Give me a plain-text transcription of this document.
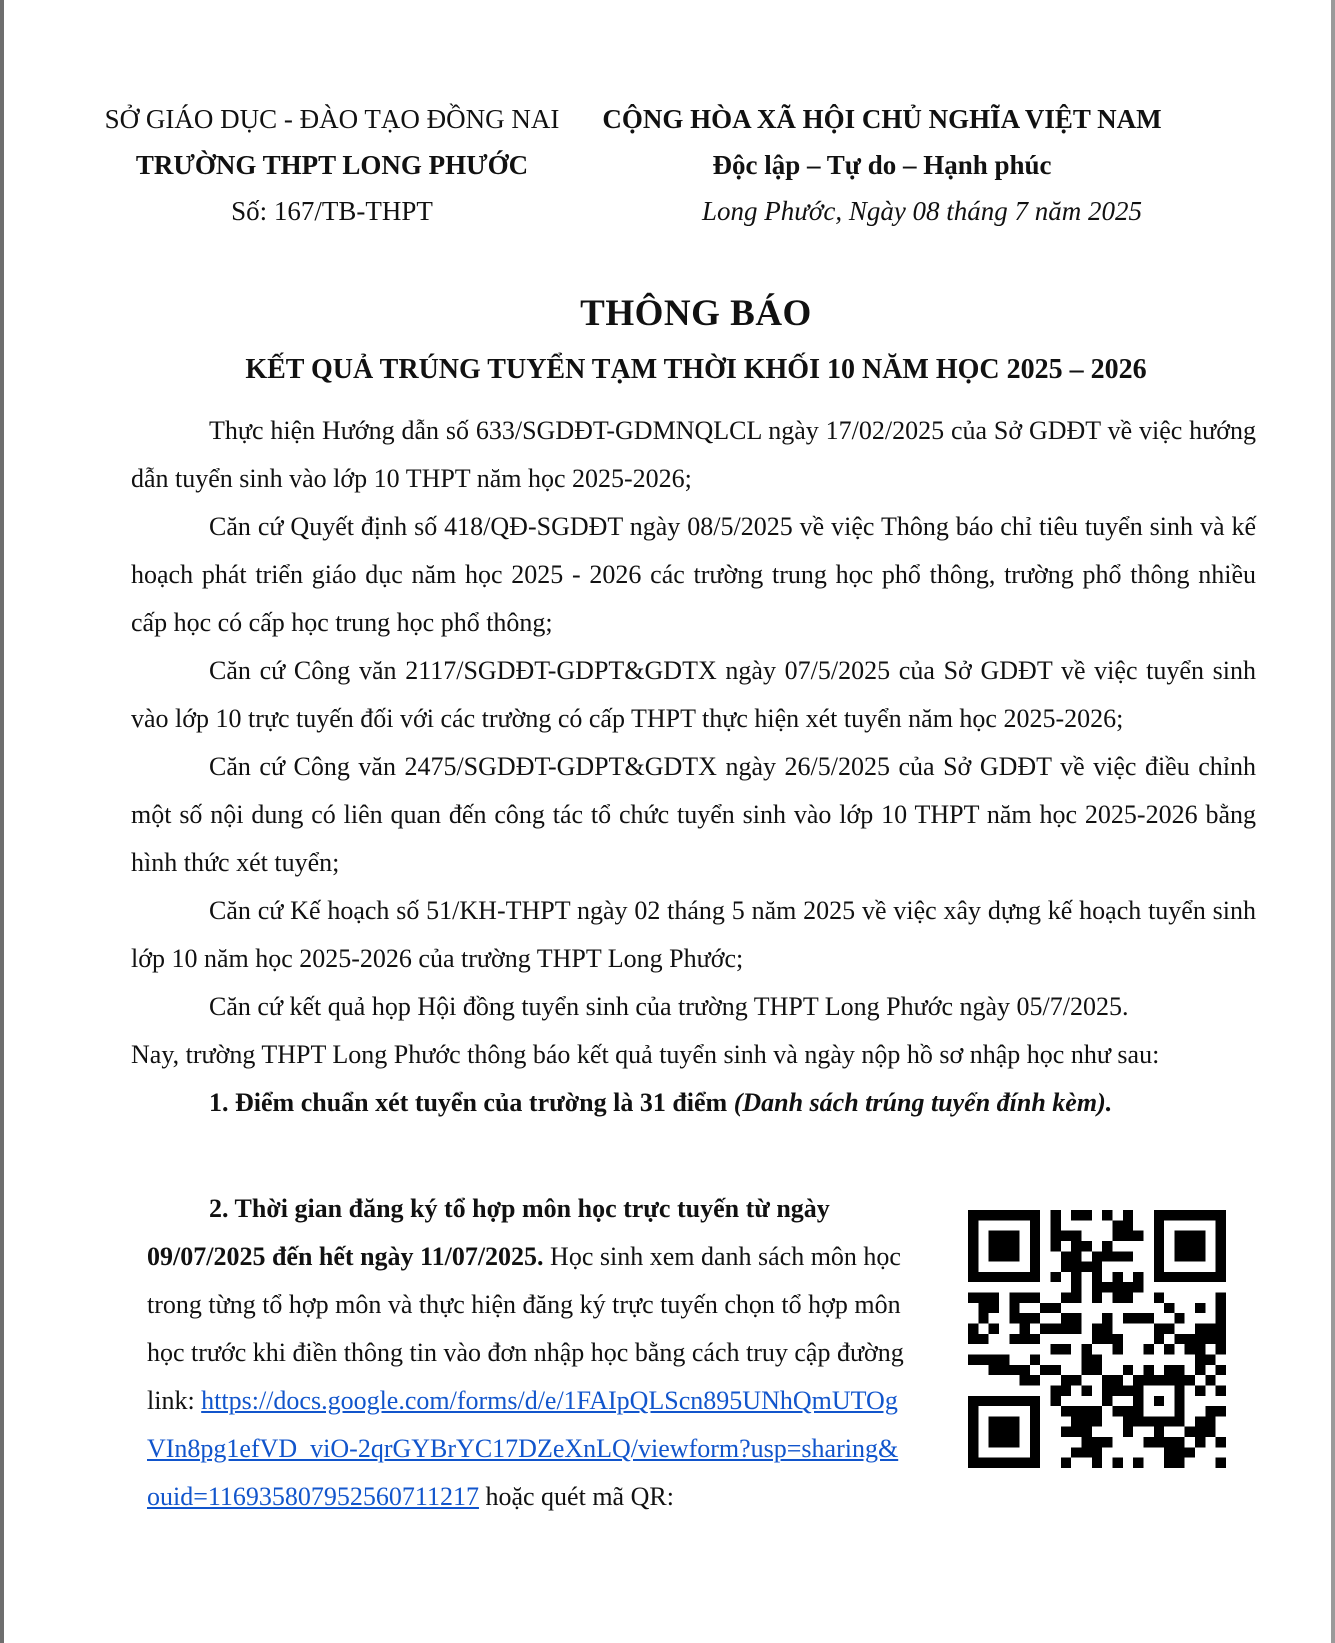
SỞ GIÁO DỤC - ĐÀO TẠO ĐỒNG NAI
TRƯỜNG THPT LONG PHƯỚC
Số: 167/TB-THPT
CỘNG HÒA XÃ HỘI CHỦ NGHĨA VIỆT NAM
Độc lập – Tự do – Hạnh phúc
Long Phước, Ngày 08 tháng 7 năm 2025
THÔNG BÁO
KẾT QUẢ TRÚNG TUYỂN TẠM THỜI KHỐI 10 NĂM HỌC 2025 – 2026

Thực hiện Hướng dẫn số 633/SGDĐT-GDMNQLCL ngày 17/02/2025 của Sở GDĐT về việc hướng dẫn tuyển sinh vào lớp 10 THPT năm học 2025-2026;

Căn cứ Quyết định số 418/QĐ-SGDĐT ngày 08/5/2025 về việc Thông báo chỉ tiêu tuyển sinh và kế hoạch phát triển giáo dục năm học 2025 - 2026 các trường trung học phổ thông, trường phổ thông nhiều cấp học có cấp học trung học phổ thông;

Căn cứ Công văn 2117/SGDĐT-GDPT&GDTX ngày 07/5/2025 của Sở GDĐT về việc tuyển sinh vào lớp 10 trực tuyến đối với các trường có cấp THPT thực hiện xét tuyển năm học 2025-2026;

Căn cứ Công văn 2475/SGDĐT-GDPT&GDTX ngày 26/5/2025 của Sở GDĐT về việc điều chỉnh một số nội dung có liên quan đến công tác tổ chức tuyển sinh vào lớp 10 THPT năm học 2025-2026 bằng hình thức xét tuyển;

Căn cứ Kế hoạch số 51/KH-THPT ngày 02 tháng 5 năm 2025 về việc xây dựng kế hoạch tuyển sinh lớp 10 năm học 2025-2026 của trường THPT Long Phước;

Căn cứ kết quả họp Hội đồng tuyển sinh của trường THPT Long Phước ngày 05/7/2025.

Nay, trường THPT Long Phước thông báo kết quả tuyển sinh và ngày nộp hồ sơ nhập học như sau:

1. Điểm chuẩn xét tuyển của trường là 31 điểm (Danh sách trúng tuyển đính kèm).

2. Thời gian đăng ký tổ hợp môn học trực tuyến từ ngày 09/07/2025 đến hết ngày 11/07/2025. Học sinh xem danh sách môn học trong từng tổ hợp môn và thực hiện đăng ký trực tuyến chọn tổ hợp môn học trước khi điền thông tin vào đơn nhập học bằng cách truy cập đường link: https://docs.google.com/forms/d/e/1FAIpQLScn895UNhQmUTOgVIn8pg1efVD_viO-2qrGYBrYC17DZeXnLQ/viewform?usp=sharing&ouid=116935807952560711217 hoặc quét mã QR:
